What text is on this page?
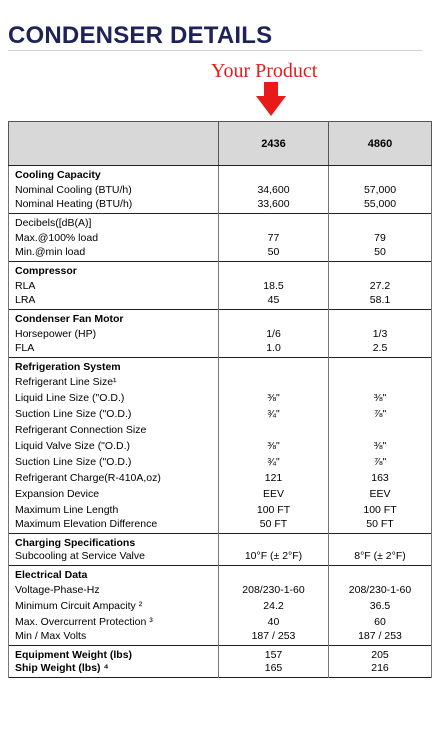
CONDENSER DETAILS
Your Product
	2436	4860
Cooling Capacity		
Nominal Cooling (BTU/h)	34,600	57,000
Nominal Heating (BTU/h)	33,600	55,000
Decibels([dB(A)]		
Max.@100% load	77	79
Min.@min load	50	50
Compressor		
RLA	18.5	27.2
LRA	45	58.1
Condenser Fan Motor		
Horsepower (HP)	1/6	1/3
FLA	1.0	2.5
Refrigeration System		
Refrigerant Line Size¹		
Liquid Line Size ("O.D.)	⅜"	⅜"
Suction Line Size ("O.D.)	¾"	⅞"
Refrigerant Connection Size		
Liquid Valve Size ("O.D.)	⅜"	⅜"
Suction Line Size ("O.D.)	¾"	⅞"
Refrigerant Charge(R-410A,oz)	121	163
Expansion Device	EEV	EEV
Maximum Line Length	100 FT	100 FT
Maximum Elevation Difference	50 FT	50 FT
Charging Specifications		
Subcooling at Service Valve	10°F (± 2°F)	8°F (± 2°F)
Electrical Data		
Voltage-Phase-Hz	208/230-1-60	208/230-1-60
Minimum Circuit Ampacity ²	24.2	36.5
Max. Overcurrent Protection ³	40	60
Min / Max Volts	187 / 253	187 / 253
Equipment Weight (lbs)	157	205
Ship Weight (lbs) ⁴	165	216
